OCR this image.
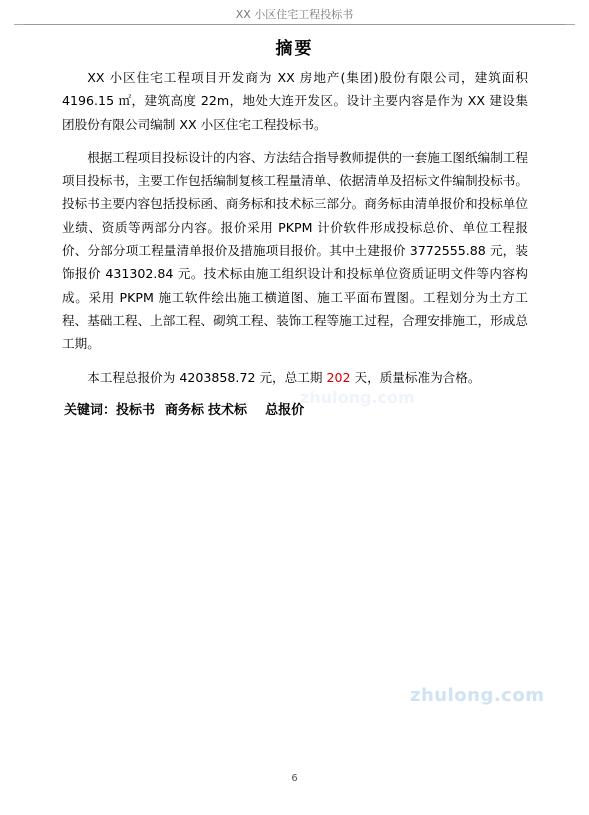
XX 小区住宅工程投标书
摘要

XX 小区住宅工程项目开发商为 XX 房地产(集团)股份有限公司，建筑面积 4196.15 ㎡，建筑高度 22m，地处大连开发区。设计主要内容是作为 XX 建设集团股份有限公司编制 XX 小区住宅工程投标书。

根据工程项目投标设计的内容、方法结合指导教师提供的一套施工图纸编制工程项目投标书，主要工作包括编制复核工程量清单、依据清单及招标文件编制投标书。投标书主要内容包括投标函、商务标和技术标三部分。商务标由清单报价和投标单位业绩、资质等两部分内容。报价采用 PKPM 计价软件形成投标总价、单位工程报价、分部分项工程量清单报价及措施项目报价。其中土建报价 3772555.88 元，装饰报价 431302.84 元。技术标由施工组织设计和投标单位资质证明文件等内容构成。采用 PKPM 施工软件绘出施工横道图、施工平面布置图。工程划分为土方工程、基础工程、上部工程、砌筑工程、装饰工程等施工过程，合理安排施工，形成总工期。

本工程总报价为 4203858.72 元，总工期 202 天，质量标准为合格。

关键词：投标书 商务标 技术标 总报价
zhulong.com
zhulong.com
6
